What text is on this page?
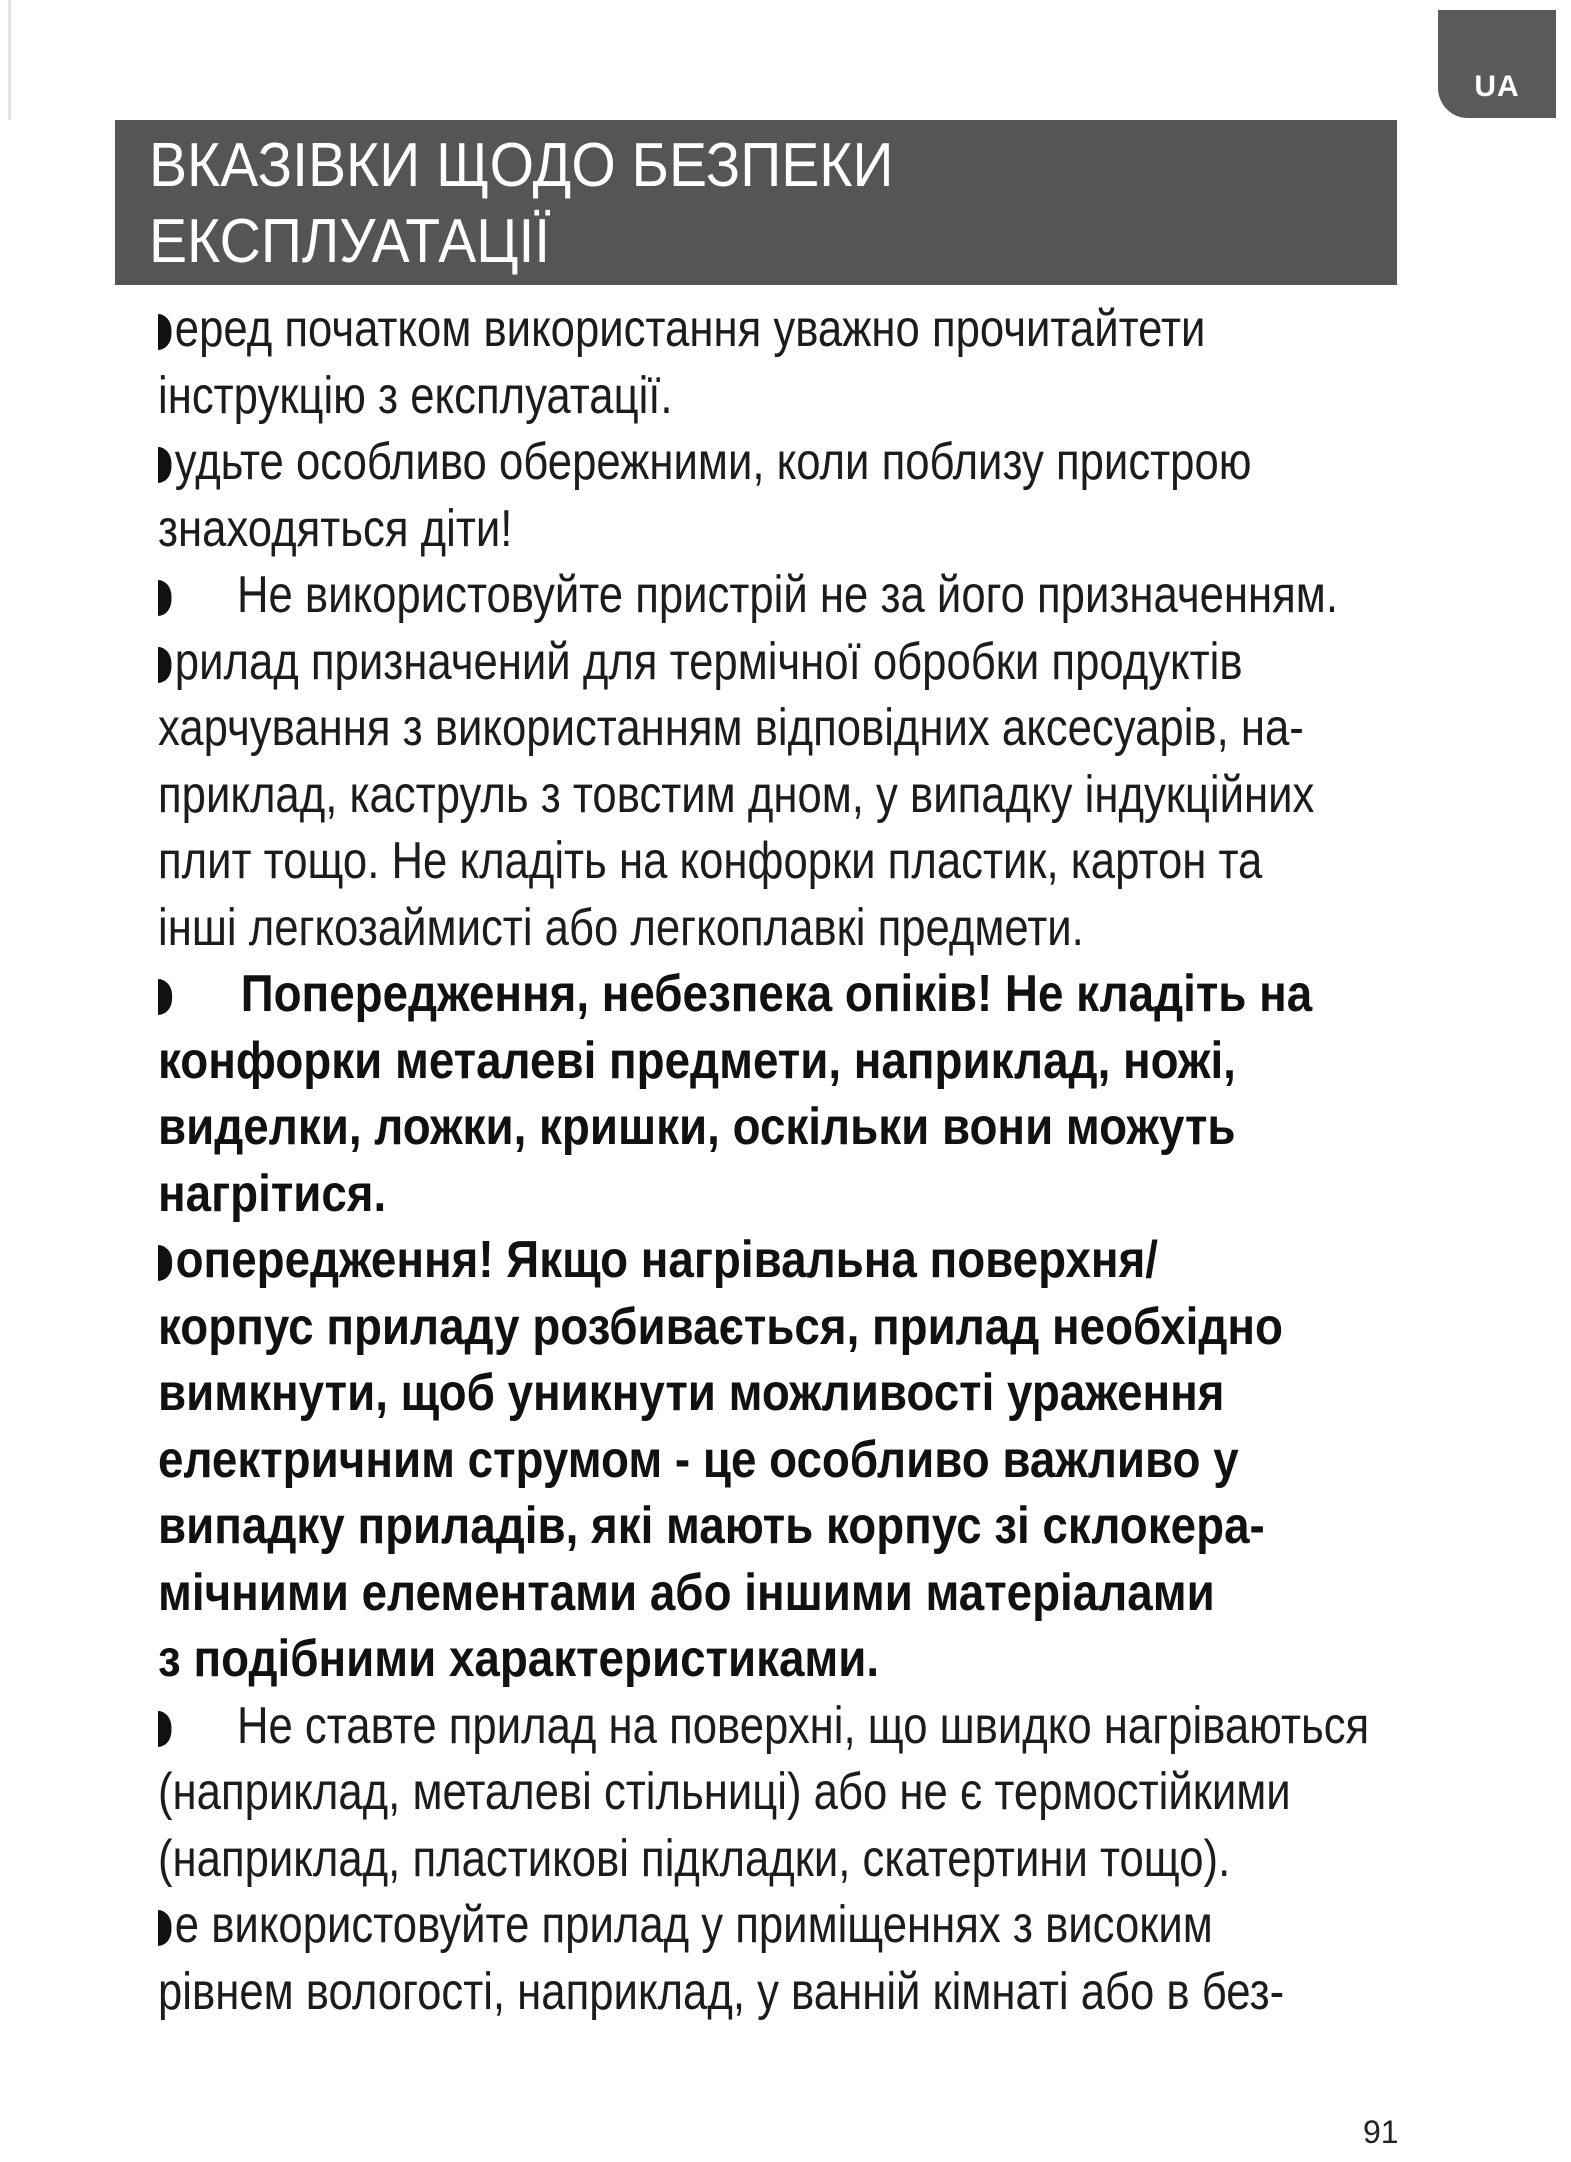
UA
ВКАЗІВКИ ЩОДО БЕЗПЕКИ
ЕКСПЛУАТАЦІЇ
еред початком використання уважно прочитайтети
інструкцію з експлуатації.
удьте особливо обережними, коли поблизу пристрою
знаходяться діти!
Не використовуйте пристрій не за його призначенням.
рилад призначений для термічної обробки продуктів
харчування з використанням відповідних аксесуарів, на-
приклад, каструль з товстим дном, у випадку індукційних
плит тощо. Не кладіть на конфорки пластик, картон та
інші легкозаймисті або легкоплавкі предмети.
Попередження, небезпека опіків! Не кладіть на
конфорки металеві предмети, наприклад, ножі,
виделки, ложки, кришки, оскільки вони можуть
нагрітися.
опередження! Якщо нагрівальна поверхня/
корпус приладу розбивається, прилад необхідно
вимкнути, щоб уникнути можливості ураження
електричним струмом - це особливо важливо у
випадку приладів, які мають корпус зі склокера-
мічними елементами або іншими матеріалами
з подібними характеристиками.
Не ставте прилад на поверхні, що швидко нагріваються
(наприклад, металеві стільниці) або не є термостійкими
(наприклад, пластикові підкладки, скатертини тощо).
е використовуйте прилад у приміщеннях з високим
рівнем вологості, наприклад, у ванній кімнаті або в без-
91
